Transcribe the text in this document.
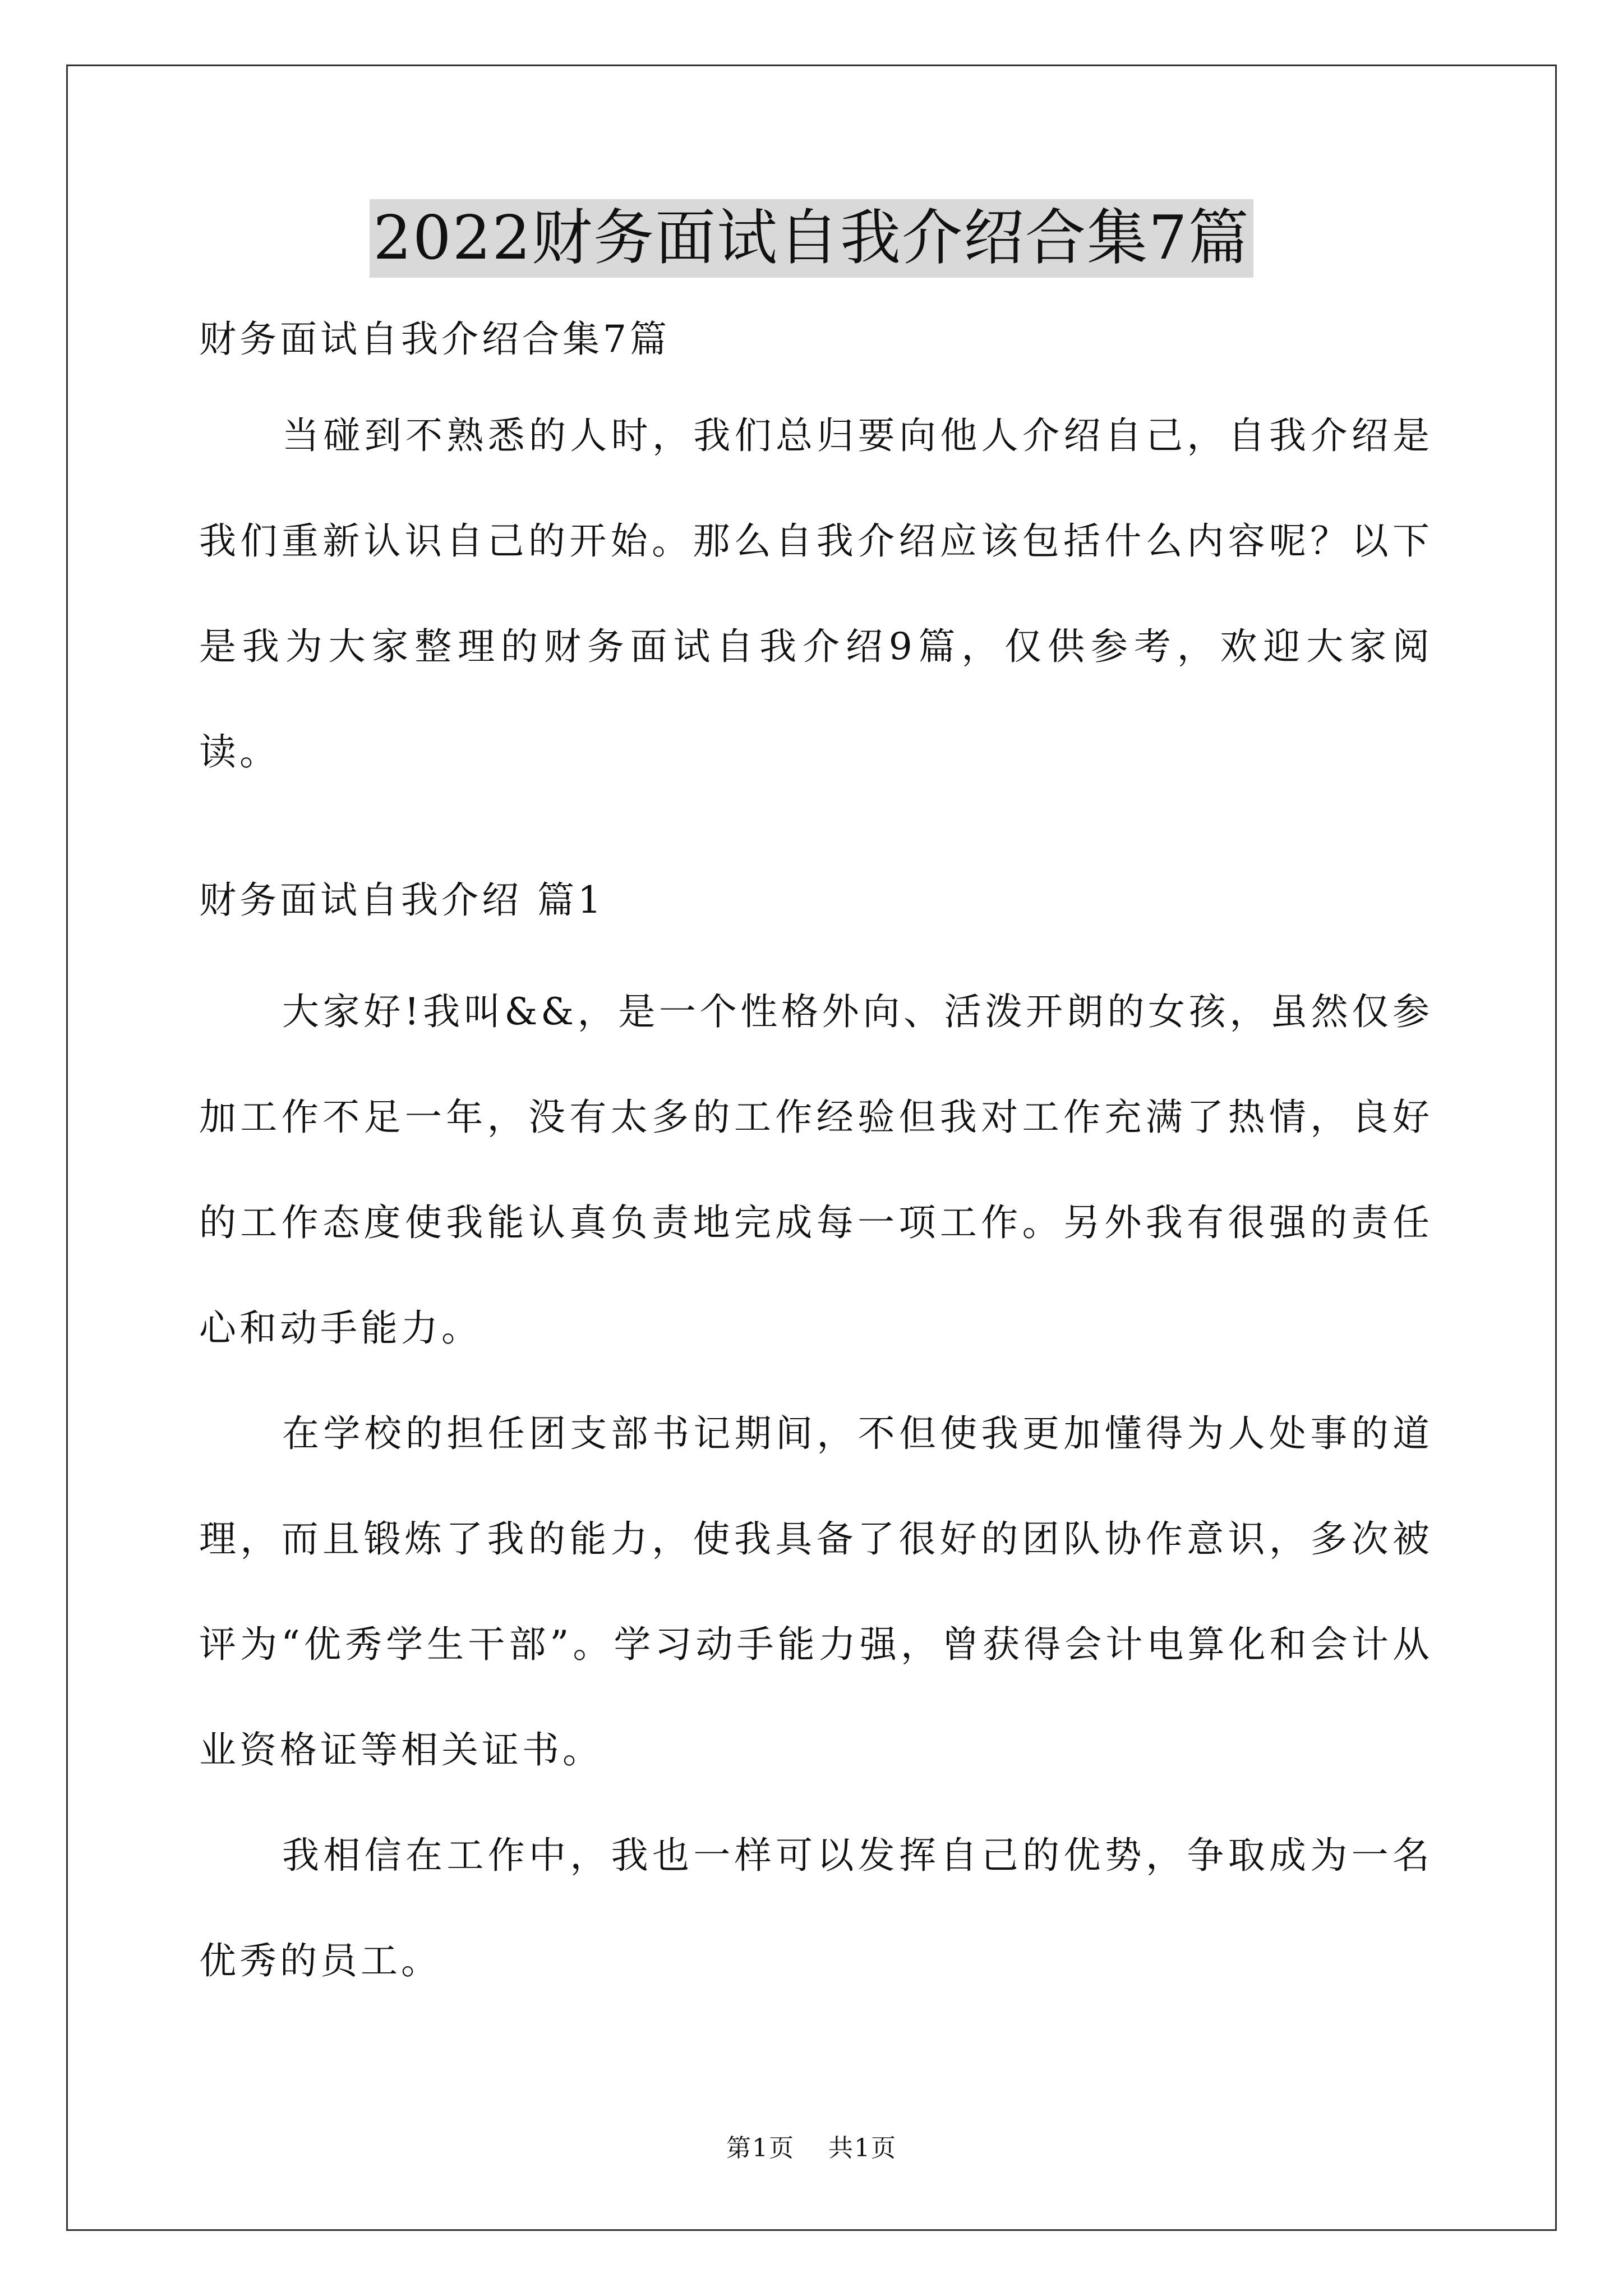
2022财务面试自我介绍合集7篇

财务面试自我介绍合集7篇

当碰到不熟悉的人时，我们总归要向他人介绍自己，自我介绍是我们重新认识自己的开始。那么自我介绍应该包括什么内容呢？以下是我为大家整理的财务面试自我介绍9篇，仅供参考，欢迎大家阅读。

财务面试自我介绍 篇1

大家好!我叫&&，是一个性格外向、活泼开朗的女孩，虽然仅参加工作不足一年，没有太多的工作经验但我对工作充满了热情，良好的工作态度使我能认真负责地完成每一项工作。另外我有很强的责任心和动手能力。

在学校的担任团支部书记期间，不但使我更加懂得为人处事的道理，而且锻炼了我的能力，使我具备了很好的团队协作意识，多次被评为“优秀学生干部”。学习动手能力强，曾获得会计电算化和会计从业资格证等相关证书。

我相信在工作中，我也一样可以发挥自己的优势，争取成为一名优秀的员工。

第1页 共1页
